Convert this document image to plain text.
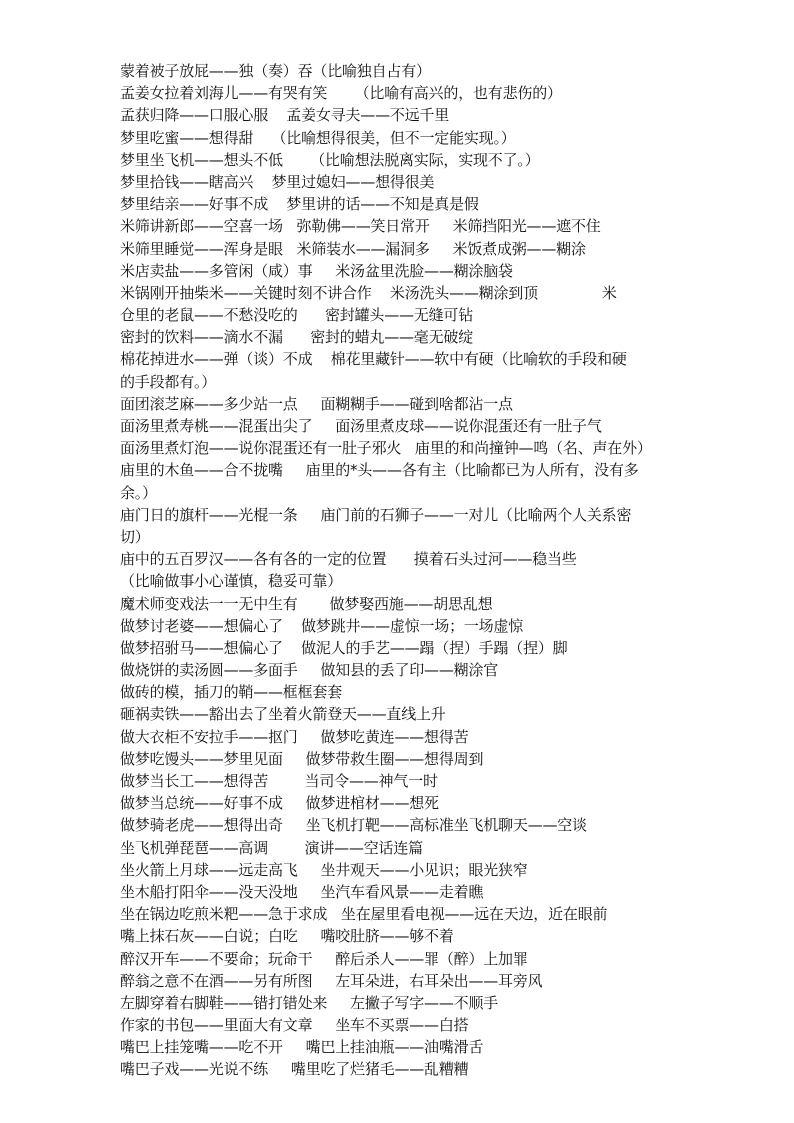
蒙着被子放屁——独（奏）吞（比喻独自占有）
孟姜女拉着刘海儿——有哭有笑      （比喻有高兴的，也有悲伤的）
孟获归降——口服心服    孟姜女寻夫——不远千里
梦里吃蜜——想得甜    （比喻想得很美，但不一定能实现。）
梦里坐飞机——想头不低      （比喻想法脱离实际，实现不了。）
梦里拾钱——瞎高兴    梦里过媳妇——想得很美
梦里结亲——好事不成    梦里讲的话——不知是真是假
米筛讲新郎——空喜一场   弥勒佛——笑日常开     米筛挡阳光——遮不住
米筛里睡觉——浑身是眼   米筛装水——漏洞多     米饭煮成粥——糊涂
米店卖盐——多管闲（咸）事     米汤盆里洗脸——糊涂脑袋
米锅刚开抽柴米——关键时刻不讲合作    米汤洗头——糊涂到顶              米
仓里的老鼠——不愁没吃的      密封罐头——无缝可钻
密封的饮料——滴水不漏      密封的蜡丸——毫无破绽
棉花掉进水——弹（谈）不成    棉花里藏针——软中有硬（比喻软的手段和硬
的手段都有。）
面团滚芝麻——多少站一点     面糊糊手——碰到啥都沾一点
面汤里煮寿桃——混蛋出尖了     面汤里煮皮球——说你混蛋还有一肚子气
面汤里煮灯泡——说你混蛋还有一肚子邪火   庙里的和尚撞钟—鸣（名、声在外）
庙里的木鱼——合不拢嘴     庙里的*头——各有主（比喻都已为人所有，没有多
余。）
庙门日的旗杆——光棍一条     庙门前的石狮子——一对儿（比喻两个人关系密
切）
庙中的五百罗汉——各有各的一定的位置      摸着石头过河——稳当些
（比喻做事小心谨慎，稳妥可靠）
魔术师变戏法一一无中生有       做梦娶西施——胡思乱想
做梦讨老婆——想偏心了    做梦跳井——虚惊一场；一场虚惊
做梦招驸马——想偏心了    做泥人的手艺——蹋（捏）手蹋（捏）脚
做烧饼的卖汤圆——多面手     做知县的丢了印——糊涂官
做砖的模，插刀的鞘——框框套套
砸祸卖铁——豁出去了坐着火箭登天——直线上升
做大衣柜不安拉手——抠门     做梦吃黄连——想得苦
做梦吃馒头——梦里见面     做梦带救生圈——想得周到
做梦当长工——想得苦        当司令——神气一时
做梦当总统——好事不成     做梦进棺材——想死
做梦骑老虎——想得出奇     坐飞机打靶——高标准坐飞机聊天——空谈
坐飞机弹琵琶——高调        演讲——空话连篇
坐火箭上月球——远走高飞     坐井观天——小见识；眼光狭窄
坐木船打阳伞——没天没地     坐汽车看风景——走着瞧
坐在锅边吃煎米粑——急于求成   坐在屋里看电视——远在天边，近在眼前
嘴上抹石灰——白说；白吃     嘴咬肚脐——够不着
醉汉开车——不要命；玩命干     醉后杀人——罪（醉）上加罪
醉翁之意不在酒——另有所图     左耳朵进，右耳朵出——耳旁风
左脚穿着右脚鞋——错打错处来     左撇子写字——不顺手
作家的书包——里面大有文章     坐车不买票——白搭
嘴巴上挂笼嘴——吃不开     嘴巴上挂油瓶——油嘴滑舌
嘴巴子戏——光说不练     嘴里吃了烂猪毛——乱糟糟
